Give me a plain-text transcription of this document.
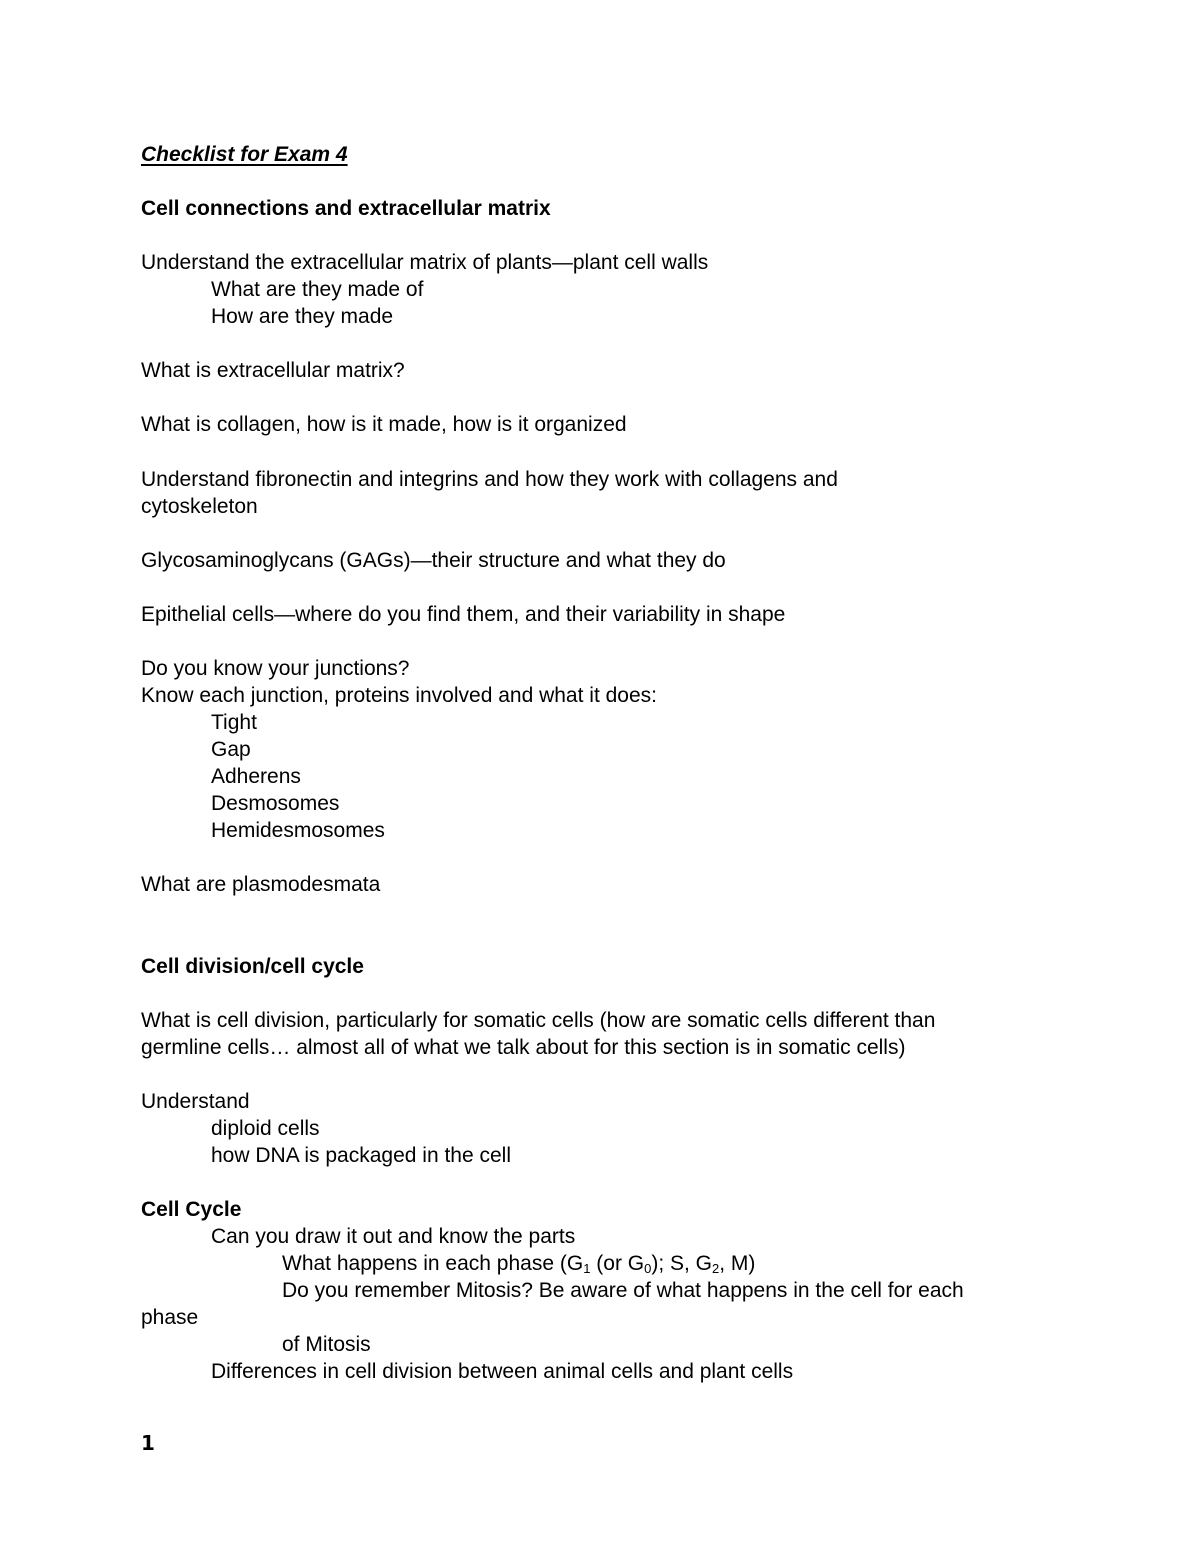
Checklist for Exam 4
Cell connections and extracellular matrix
Understand the extracellular matrix of plants—plant cell walls
What are they made of
How are they made
What is extracellular matrix?
What is collagen, how is it made, how is it organized
Understand fibronectin and integrins and how they work with collagens and
cytoskeleton
Glycosaminoglycans (GAGs)—their structure and what they do
Epithelial cells—where do you find them, and their variability in shape
Do you know your junctions?
Know each junction, proteins involved and what it does:
Tight
Gap
Adherens
Desmosomes
Hemidesmosomes
What are plasmodesmata
Cell division/cell cycle
What is cell division, particularly for somatic cells (how are somatic cells different than
germline cells… almost all of what we talk about for this section is in somatic cells)
Understand
diploid cells
how DNA is packaged in the cell
Cell Cycle
Can you draw it out and know the parts
What happens in each phase ($G_1$ (or $G_0$); S, $G_2$, M)
Do you remember Mitosis? Be aware of what happens in the cell for each
phase
of Mitosis
Differences in cell division between animal cells and plant cells
1
